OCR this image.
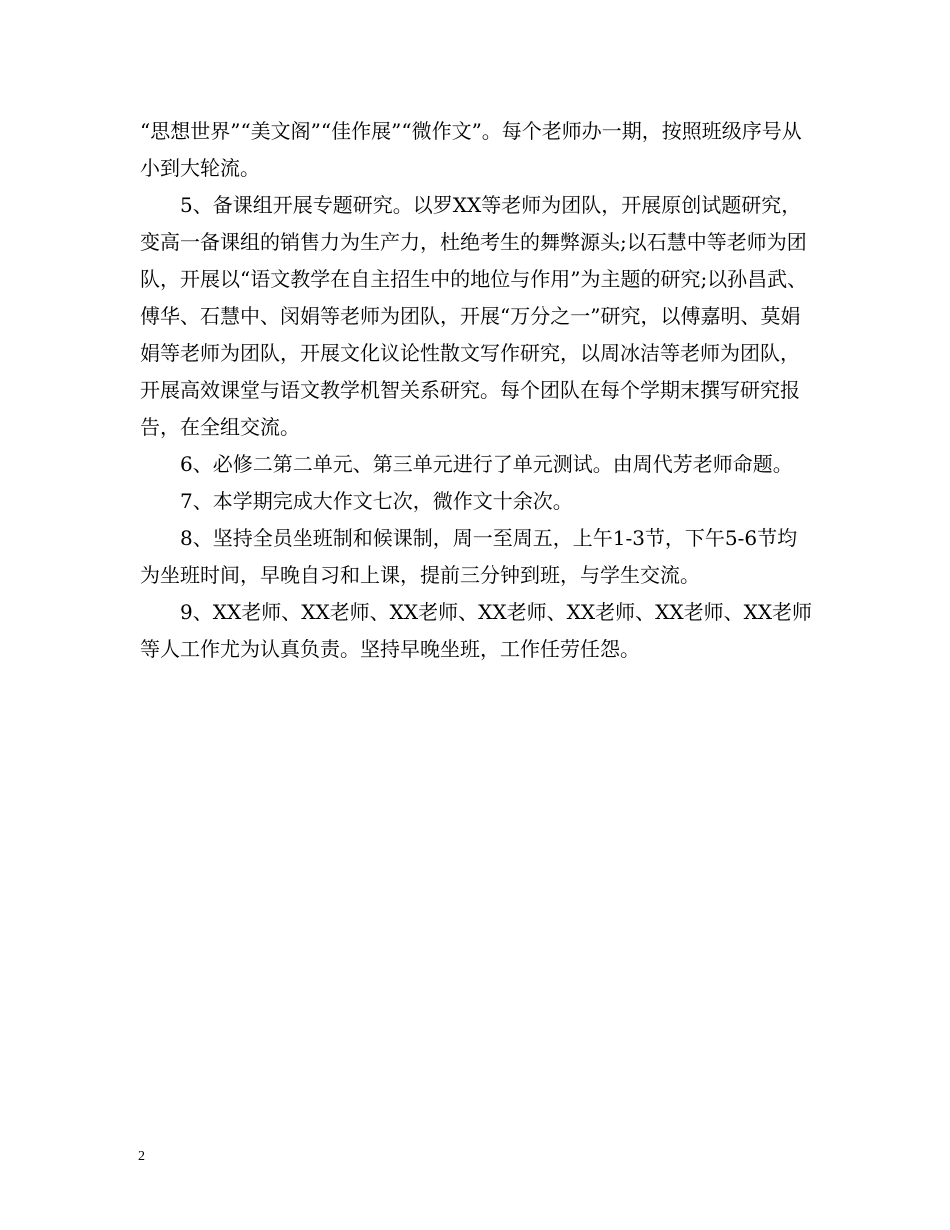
“思想世界”“美文阁”“佳作展”“微作文”。每个老师办一期，按照班级序号从小到大轮流。

5、备课组开展专题研究。以罗XX等老师为团队，开展原创试题研究，变高一备课组的销售力为生产力，杜绝考生的舞弊源头;以石慧中等老师为团队，开展以“语文教学在自主招生中的地位与作用”为主题的研究;以孙昌武、傅华、石慧中、闵娟等老师为团队，开展“万分之一”研究，以傅嘉明、莫娟娟等老师为团队，开展文化议论性散文写作研究，以周冰洁等老师为团队，开展高效课堂与语文教学机智关系研究。每个团队在每个学期末撰写研究报告，在全组交流。

6、必修二第二单元、第三单元进行了单元测试。由周代芳老师命题。

7、本学期完成大作文七次，微作文十余次。

8、坚持全员坐班制和候课制，周一至周五，上午1-3节，下午5-6节均为坐班时间，早晚自习和上课，提前三分钟到班，与学生交流。

9、XX老师、XX老师、XX老师、XX老师、XX老师、XX老师、XX老师等人工作尤为认真负责。坚持早晚坐班，工作任劳任怨。

2
